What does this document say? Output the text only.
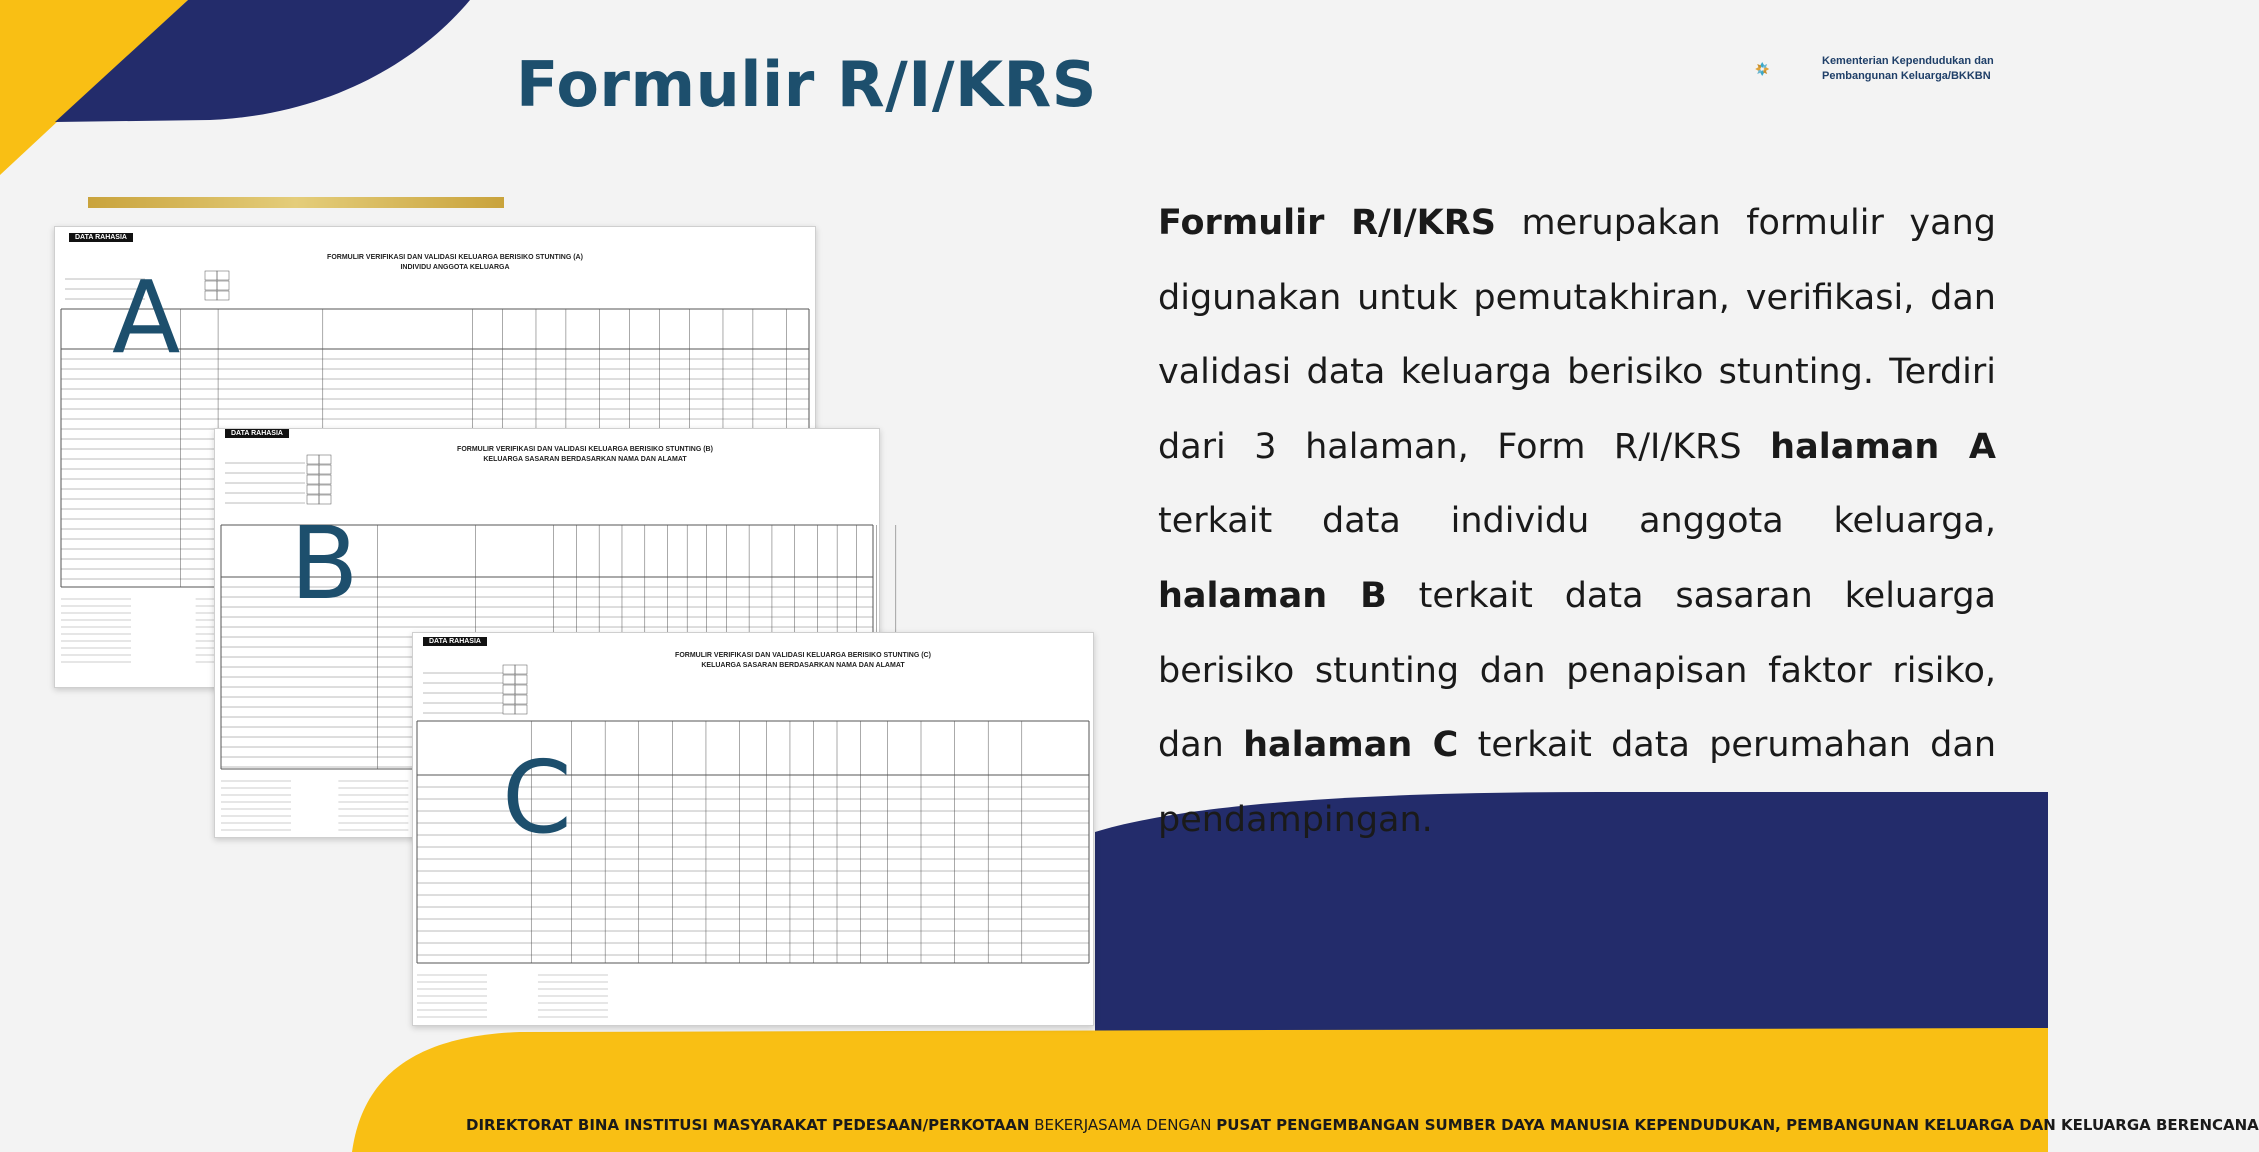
Formulir R/I/KRS	Kementerian Kependudukan dan
Pembangunan Keluarga/BKKBN
DATA RAHASIA
FORMULIR VERIFIKASI DAN VALIDASI KELUARGA BERISIKO STUNTING (A)
INDIVIDU ANGGOTA KELUARGA
DATA RAHASIA
FORMULIR VERIFIKASI DAN VALIDASI KELUARGA BERISIKO STUNTING (B)
KELUARGA SASARAN BERDASARKAN NAMA DAN ALAMAT
DATA RAHASIA
FORMULIR VERIFIKASI DAN VALIDASI KELUARGA BERISIKO STUNTING (C)
KELUARGA SASARAN BERDASARKAN NAMA DAN ALAMAT
A
B
C
Formulir R/I/KRS merupakan formulir yang digunakan untuk pemutakhiran, verifikasi, dan validasi data keluarga berisiko stunting. Terdiri dari 3 halaman, Form R/I/KRS halaman A terkait data individu anggota keluarga, halaman B terkait data sasaran keluarga berisiko stunting dan penapisan faktor risiko, dan halaman C terkait data perumahan dan pendampingan.
DIREKTORAT BINA INSTITUSI MASYARAKAT PEDESAAN/PERKOTAAN BEKERJASAMA DENGAN PUSAT PENGEMBANGAN SUMBER DAYA MANUSIA KEPENDUDUKAN, PEMBANGUNAN KELUARGA DAN KELUARGA BERENCANA
